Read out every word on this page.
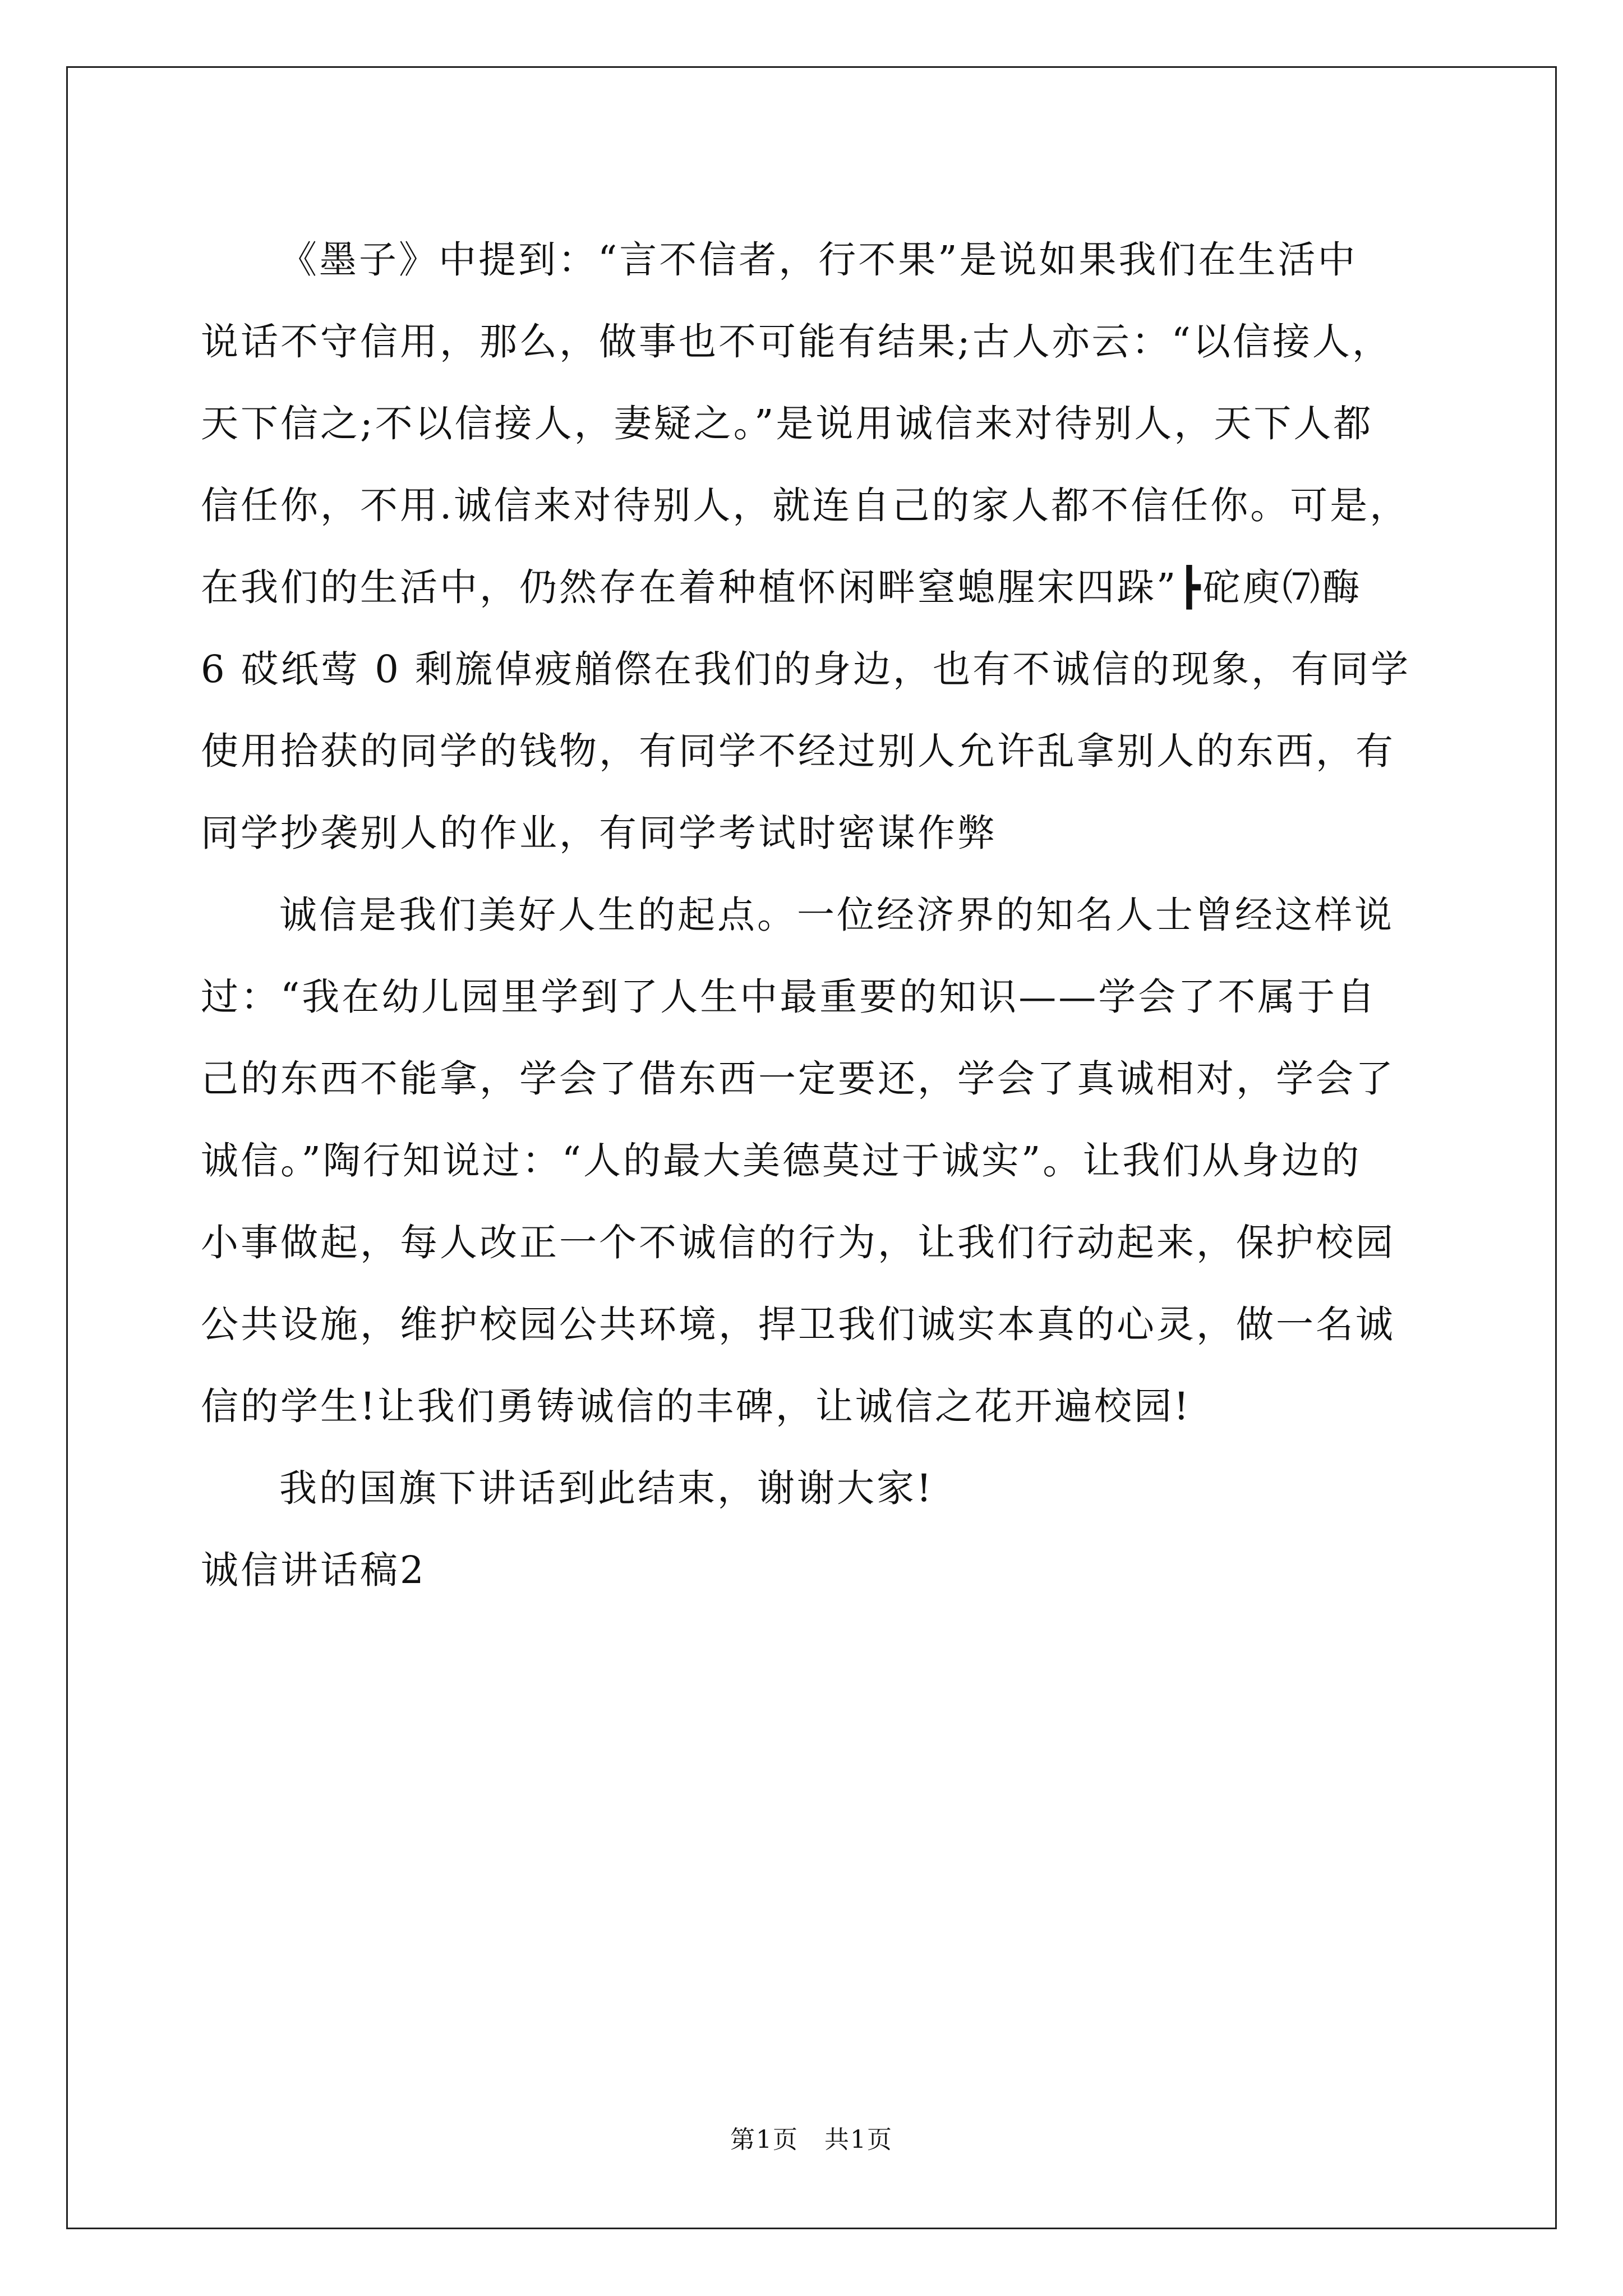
《墨子》中提到：“言不信者，行不果”是说如果我们在生活中
说话不守信用，那么，做事也不可能有结果;古人亦云：“以信接人，
天下信之;不以信接人，妻疑之。”是说用诚信来对待别人，天下人都
信任你，不用.诚信来对待别人，就连自己的家人都不信任你。可是，
在我们的生活中，仍然存在着种植怀闲畔窒螅腥宋四跺”┣砣庾⑺酶
6 砹纸莺 0 剩旒倬疲艏傺在我们的身边，也有不诚信的现象，有同学
使用拾获的同学的钱物，有同学不经过别人允许乱拿别人的东西，有
同学抄袭别人的作业，有同学考试时密谋作弊
诚信是我们美好人生的起点。一位经济界的知名人士曾经这样说
过：“我在幼儿园里学到了人生中最重要的知识——学会了不属于自
己的东西不能拿，学会了借东西一定要还，学会了真诚相对，学会了
诚信。”陶行知说过：“人的最大美德莫过于诚实”。让我们从身边的
小事做起，每人改正一个不诚信的行为，让我们行动起来，保护校园
公共设施，维护校园公共环境，捍卫我们诚实本真的心灵，做一名诚
信的学生!让我们勇铸诚信的丰碑，让诚信之花开遍校园!
我的国旗下讲话到此结束，谢谢大家!
诚信讲话稿2
第1页　共1页
